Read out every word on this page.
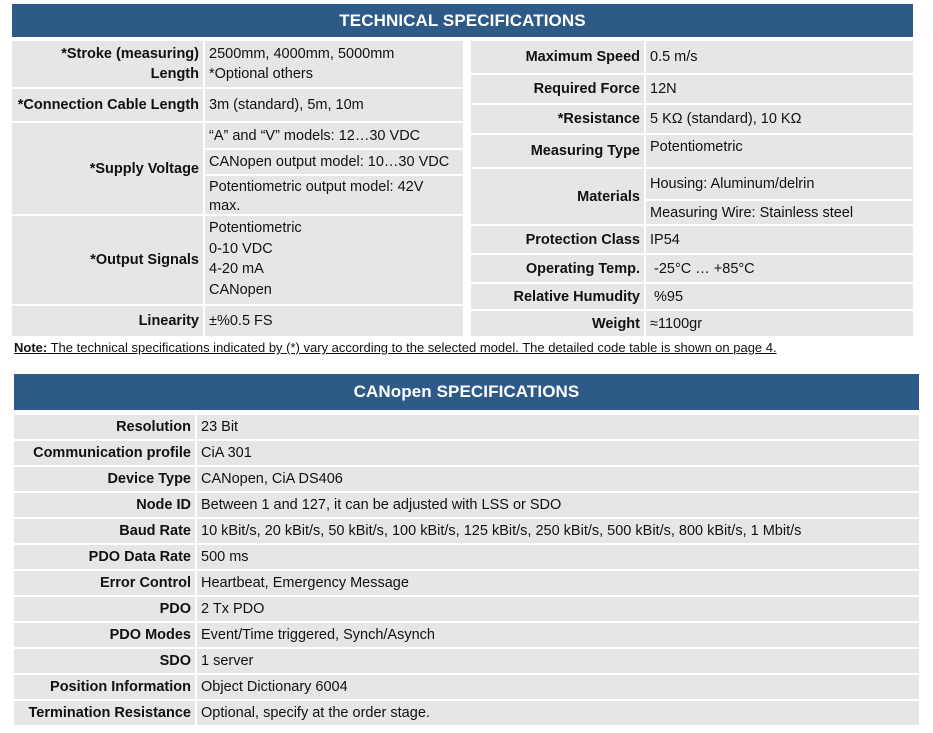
TECHNICAL SPECIFICATIONS
*Stroke (measuring)
Length
2500mm, 4000mm, 5000mm
*Optional others
*Connection Cable Length 3m (standard), 5m, 10m
*Supply Voltage
“A” and “V” models: 12…30 VDC
CANopen output model: 10…30 VDC
Potentiometric output model: 42V
max.
*Output Signals
Potentiometric
0-10 VDC
4-20 mA
CANopen
Linearity ±%0.5 FS
Maximum Speed 0.5 m/s
Required Force 12N
*Resistance 5 KΩ (standard), 10 KΩ
Measuring Type Potentiometric
Materials
Housing: Aluminum/delrin
Measuring Wire: Stainless steel
Protection Class IP54
Operating Temp. -25°C … +85°C
Relative Humudity %95
Weight ≈1100gr
Note: The technical specifications indicated by (*) vary according to the selected model. The detailed code table is shown on page 4.
CANopen SPECIFICATIONS
Resolution 23 Bit
Communication profile CiA 301
Device Type CANopen, CiA DS406
Node ID Between 1 and 127, it can be adjusted with LSS or SDO
Baud Rate 10 kBit/s, 20 kBit/s, 50 kBit/s, 100 kBit/s, 125 kBit/s, 250 kBit/s, 500 kBit/s, 800 kBit/s, 1 Mbit/s
PDO Data Rate 500 ms
Error Control Heartbeat, Emergency Message
PDO 2 Tx PDO
PDO Modes Event/Time triggered, Synch/Asynch
SDO 1 server
Position Information Object Dictionary 6004
Termination Resistance Optional, specify at the order stage.
